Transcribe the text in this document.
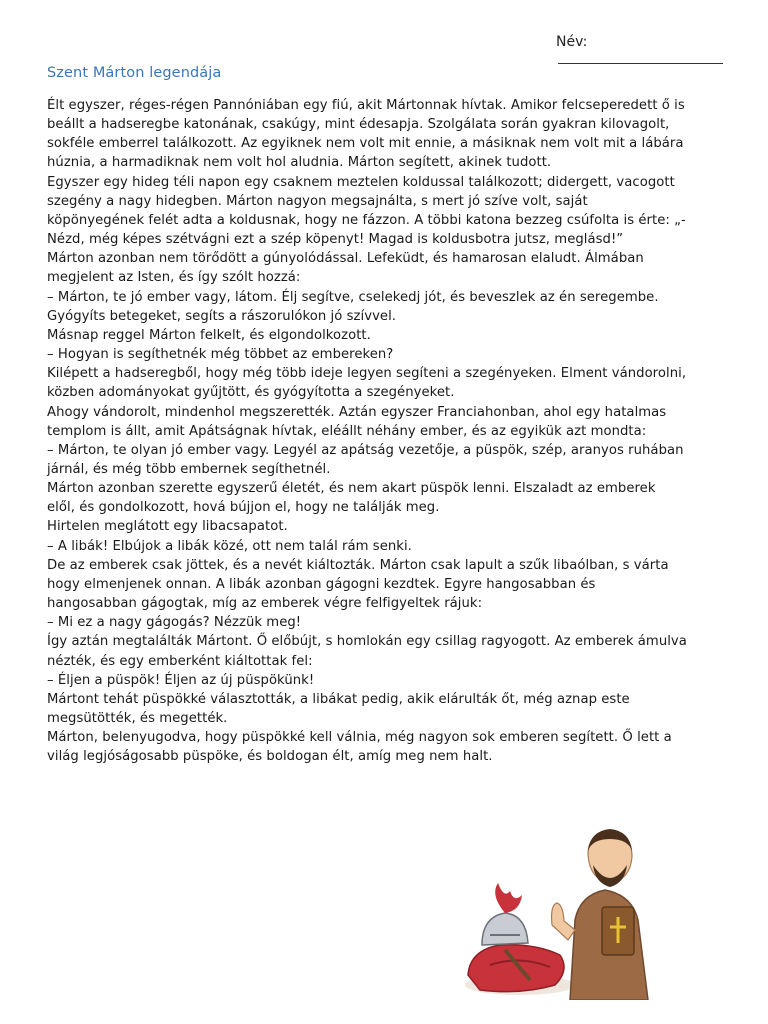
Név:
Szent Márton legendája

Élt egyszer, réges-régen Pannóniában egy fiú, akit Mártonnak hívtak. Amikor felcseperedett ő is beállt a hadseregbe katonának, csakúgy, mint édesapja. Szolgálata során gyakran kilovagolt, sokféle emberrel találkozott. Az egyiknek nem volt mit ennie, a másiknak nem volt mit a lábára húznia, a harmadiknak nem volt hol aludnia. Márton segített, akinek tudott.

Egyszer egy hideg téli napon egy csaknem meztelen koldussal találkozott; didergett, vacogott szegény a nagy hidegben. Márton nagyon megsajnálta, s mert jó szíve volt, saját köpönyegének felét adta a koldusnak, hogy ne fázzon. A többi katona bezzeg csúfolta is érte: „- Nézd, még képes szétvágni ezt a szép köpenyt! Magad is koldusbotra jutsz, meglásd!”

Márton azonban nem törődött a gúnyolódással. Lefeküdt, és hamarosan elaludt. Álmában megjelent az Isten, és így szólt hozzá:

– Márton, te jó ember vagy, látom. Élj segítve, cselekedj jót, és beveszlek az én seregembe. Gyógyíts betegeket, segíts a rászorulókon jó szívvel.

Másnap reggel Márton felkelt, és elgondolkozott.

– Hogyan is segíthetnék még többet az embereken?

Kilépett a hadseregből, hogy még több ideje legyen segíteni a szegényeken. Elment vándorolni, közben adományokat gyűjtött, és gyógyította a szegényeket.

Ahogy vándorolt, mindenhol megszerették. Aztán egyszer Franciahonban, ahol egy hatalmas templom is állt, amit Apátságnak hívtak, eléállt néhány ember, és az egyikük azt mondta:

– Márton, te olyan jó ember vagy. Legyél az apátság vezetője, a püspök, szép, aranyos ruhában járnál, és még több embernek segíthetnél.

Márton azonban szerette egyszerű életét, és nem akart püspök lenni. Elszaladt az emberek elől, és gondolkozott, hová bújjon el, hogy ne találják meg.

Hirtelen meglátott egy libacsapatot.

– A libák! Elbújok a libák közé, ott nem talál rám senki.

De az emberek csak jöttek, és a nevét kiáltozták. Márton csak lapult a szűk libaólban, s várta hogy elmenjenek onnan. A libák azonban gágogni kezdtek. Egyre hangosabban és hangosabban gágogtak, míg az emberek végre felfigyeltek rájuk:

– Mi ez a nagy gágogás? Nézzük meg!

Így aztán megtalálták Mártont. Ő előbújt, s homlokán egy csillag ragyogott. Az emberek ámulva nézték, és egy emberként kiáltottak fel:

– Éljen a püspök! Éljen az új püspökünk!

Mártont tehát püspökké választották, a libákat pedig, akik elárulták őt, még aznap este megsütötték, és megették.

Márton, belenyugodva, hogy püspökké kell válnia, még nagyon sok emberen segített. Ő lett a világ legjóságosabb püspöke, és boldogan élt, amíg meg nem halt.
